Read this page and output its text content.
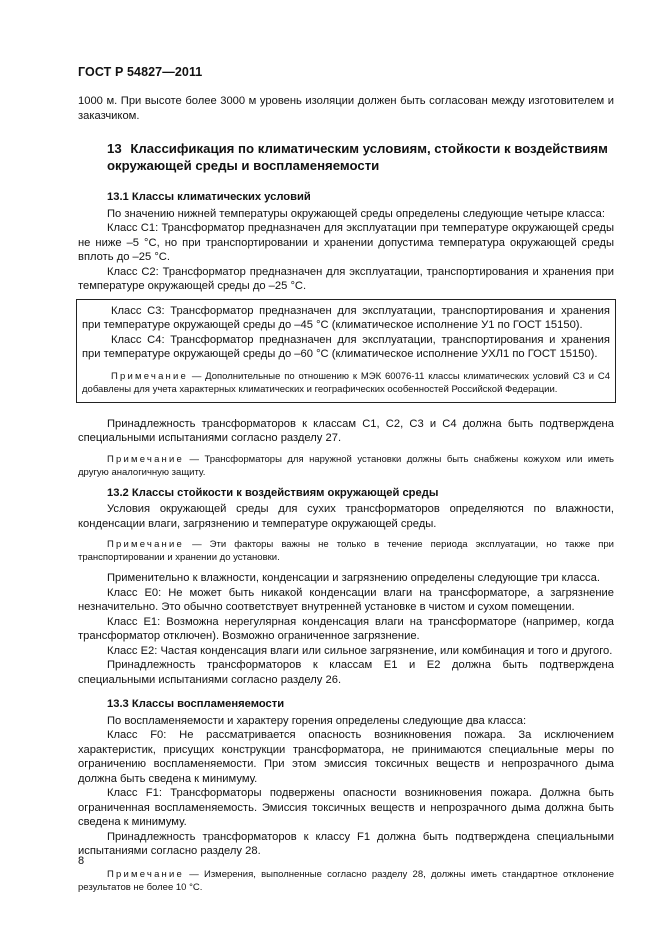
ГОСТ Р 54827—2011

1000 м. При высоте более 3000 м уровень изоляции должен быть согласован между изготовителем и заказчиком.

13 Классификация по климатическим условиям, стойкости к воздействиям окружающей среды и воспламеняемости
13.1 Классы климатических условий

По значению нижней температуры окружающей среды определены следующие четыре класса:

Класс С1: Трансформатор предназначен для эксплуатации при температуре окружающей среды не ниже –5 °С, но при транспортировании и хранении допустима температура окружающей среды вплоть до –25 °С.

Класс С2: Трансформатор предназначен для эксплуатации, транспортирования и хранения при температуре окружающей среды до –25 °С.

Класс С3: Трансформатор предназначен для эксплуатации, транспортирования и хранения при температуре окружающей среды до –45 °С (климатическое исполнение У1 по ГОСТ 15150).

Класс С4: Трансформатор предназначен для эксплуатации, транспортирования и хранения при температуре окружающей среды до –60 °С (климатическое исполнение УХЛ1 по ГОСТ 15150).

Примечание — Дополнительные по отношению к МЭК 60076-11 классы климатических условий С3 и С4 добавлены для учета характерных климатических и географических особенностей Российской Федерации.

Принадлежность трансформаторов к классам С1, С2, С3 и С4 должна быть подтверждена специальными испытаниями согласно разделу 27.

Примечание — Трансформаторы для наружной установки должны быть снабжены кожухом или иметь другую аналогичную защиту.

13.2 Классы стойкости к воздействиям окружающей среды

Условия окружающей среды для сухих трансформаторов определяются по влажности, конденсации влаги, загрязнению и температуре окружающей среды.

Примечание — Эти факторы важны не только в течение периода эксплуатации, но также при транспортировании и хранении до установки.

Применительно к влажности, конденсации и загрязнению определены следующие три класса.

Класс Е0: Не может быть никакой конденсации влаги на трансформаторе, а загрязнение незначительно. Это обычно соответствует внутренней установке в чистом и сухом помещении.

Класс Е1: Возможна нерегулярная конденсация влаги на трансформаторе (например, когда трансформатор отключен). Возможно ограниченное загрязнение.

Класс Е2: Частая конденсация влаги или сильное загрязнение, или комбинация и того и другого.

Принадлежность трансформаторов к классам Е1 и Е2 должна быть подтверждена специальными испытаниями согласно разделу 26.

13.3 Классы воспламеняемости

По воспламеняемости и характеру горения определены следующие два класса:

Класс F0: Не рассматривается опасность возникновения пожара. За исключением характеристик, присущих конструкции трансформатора, не принимаются специальные меры по ограничению воспламеняемости. При этом эмиссия токсичных веществ и непрозрачного дыма должна быть сведена к минимуму.

Класс F1: Трансформаторы подвержены опасности возникновения пожара. Должна быть ограниченная воспламеняемость. Эмиссия токсичных веществ и непрозрачного дыма должна быть сведена к минимуму.

Принадлежность трансформаторов к классу F1 должна быть подтверждена специальными испытаниями согласно разделу 28.

Примечание — Измерения, выполненные согласно разделу 28, должны иметь стандартное отклонение результатов не более 10 °С.

8
